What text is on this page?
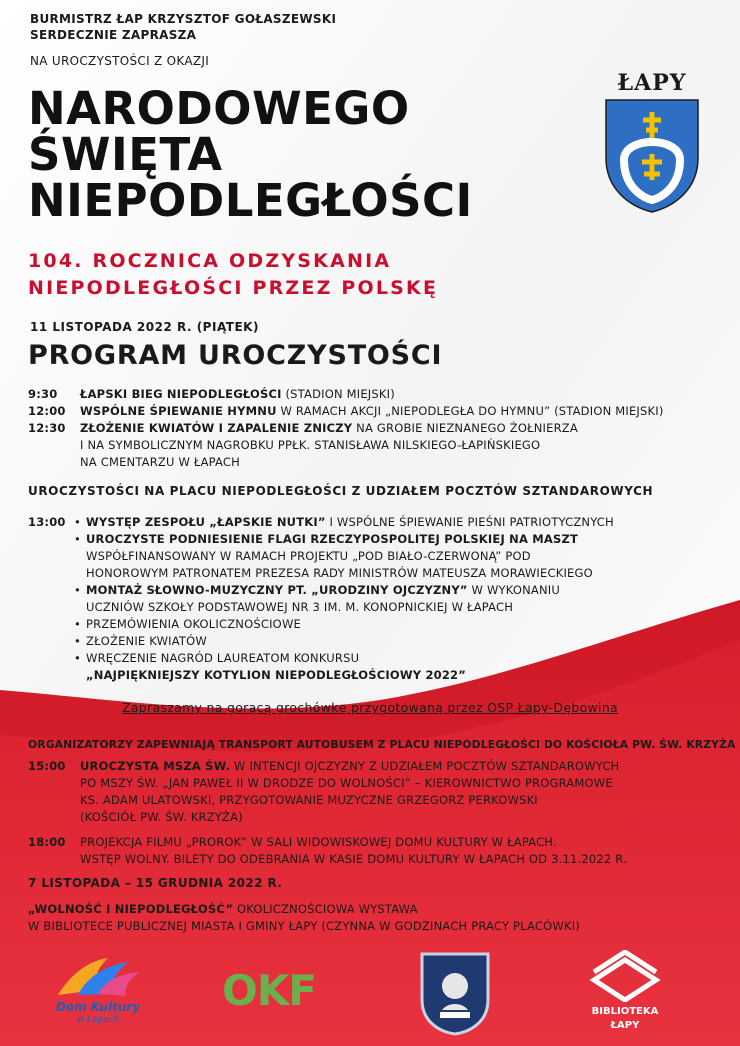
BURMISTRZ ŁAP KRZYSZTOF GOŁASZEWSKI
SERDECZNIE ZAPRASZA
NA UROCZYSTOŚCI Z OKAZJI
NARODOWEGO
ŚWIĘTA
NIEPODLEGŁOŚCI
104. ROCZNICA ODZYSKANIA
NIEPODLEGŁOŚCI PRZEZ POLSKĘ
ŁAPY
11 LISTOPADA 2022 R. (PIĄTEK)
PROGRAM UROCZYSTOŚCI
9:30 ŁAPSKI BIEG NIEPODLEGŁOŚCI (STADION MIEJSKI)
12:00 WSPÓLNE ŚPIEWANIE HYMNU W RAMACH AKCJI „NIEPODLEGŁA DO HYMNU” (STADION MIEJSKI)
12:30 ZŁOŻENIE KWIATÓW I ZAPALENIE ZNICZY NA GROBIE NIEZNANEGO ŻOŁNIERZA
I NA SYMBOLICZNYM NAGROBKU PPŁK. STANISŁAWA NILSKIEGO-ŁAPIŃSKIEGO
NA CMENTARZU W ŁAPACH
UROCZYSTOŚCI NA PLACU NIEPODLEGŁOŚCI Z UDZIAŁEM POCZTÓW SZTANDAROWYCH
13:00 • WYSTĘP ZESPOŁU „ŁAPSKIE NUTKI” I WSPÓLNE ŚPIEWANIE PIEŚNI PATRIOTYCZNYCH
• UROCZYSTE PODNIESIENIE FLAGI RZECZYPOSPOLITEJ POLSKIEJ NA MASZT
WSPÓŁFINANSOWANY W RAMACH PROJEKTU „POD BIAŁO-CZERWONĄ” POD
HONOROWYM PATRONATEM PREZESA RADY MINISTRÓW MATEUSZA MORAWIECKIEGO
• MONTAŻ SŁOWNO-MUZYCZNY PT. „URODZINY OJCZYZNY” W WYKONANIU
UCZNIÓW SZKOŁY PODSTAWOWEJ NR 3 IM. M. KONOPNICKIEJ W ŁAPACH
• PRZEMÓWIENIA OKOLICZNOŚCIOWE
• ZŁOŻENIE KWIATÓW
• WRĘCZENIE NAGRÓD LAUREATOM KONKURSU
„NAJPIĘKNIEJSZY KOTYLION NIEPODLEGŁOŚCIOWY 2022”
Zapraszamy na gorącą grochówkę przygotowaną przez OSP Łapy-Dębowina
ORGANIZATORZY ZAPEWNIAJĄ TRANSPORT AUTOBUSEM Z PLACU NIEPODLEGŁOŚCI DO KOŚCIOŁA PW. ŚW. KRZYŻA
15:00 UROCZYSTA MSZA ŚW. W INTENCJI OJCZYZNY Z UDZIAŁEM POCZTÓW SZTANDAROWYCH
PO MSZY ŚW. „JAN PAWEŁ II W DRODZE DO WOLNOŚCI” – KIEROWNICTWO PROGRAMOWE
KS. ADAM ULATOWSKI, PRZYGOTOWANIE MUZYCZNE GRZEGORZ PERKOWSKI
(KOŚCIÓŁ PW. ŚW. KRZYŻA)
18:00 PROJEKCJA FILMU „PROROK” W SALI WIDOWISKOWEJ DOMU KULTURY W ŁAPACH.
WSTĘP WOLNY. BILETY DO ODEBRANIA W KASIE DOMU KULTURY W ŁAPACH OD 3.11.2022 R.
7 LISTOPADA – 15 GRUDNIA 2022 R.
„WOLNOŚĆ I NIEPODLEGŁOŚĆ” OKOLICZNOŚCIOWA WYSTAWA
W BIBLIOTECE PUBLICZNEJ MIASTA I GMINY ŁAPY (CZYNNA W GODZINACH PRACY PLACÓWKI)
Dom Kultury
w Łapach
OKF	BIBLIOTEKA
ŁAPY
